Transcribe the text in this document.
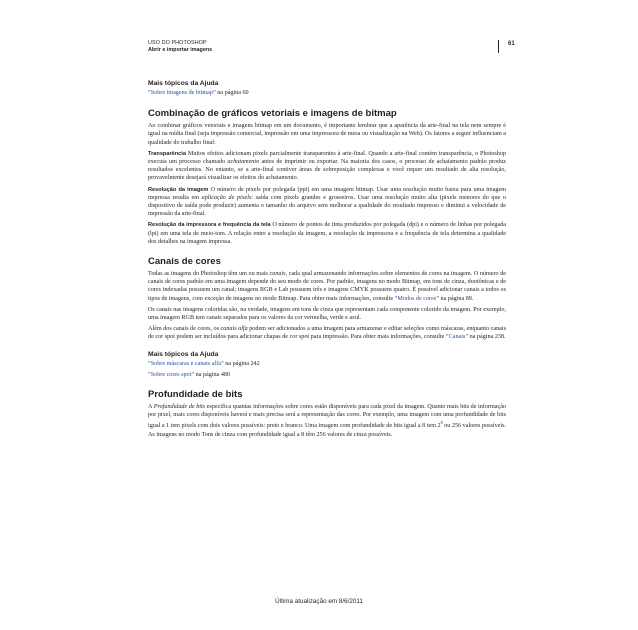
USO DO PHOTOSHOP
Abrir e importar imagens
61
Mais tópicos da Ajuda

“Sobre imagens de bitmap” na página 60

Combinação de gráficos vetoriais e imagens de bitmap

Ao combinar gráficos vetoriais e imagens bitmap em um documento, é importante lembrar que a aparência da arte-final na tela nem sempre é igual na mídia final (seja impressão comercial, impressão em uma impressora de mesa ou visualização na Web). Os fatores a seguir influenciam a qualidade do trabalho final:

Transparência Muitos efeitos adicionam pixels parcialmente transparentes à arte-final. Quando a arte-final contém transparência, o Photoshop executa um processo chamado achatamento antes de imprimir ou exportar. Na maioria dos casos, o processo de achatamento padrão produz resultados excelentes. No entanto, se a arte-final contiver áreas de sobreposição complexas e você requer um resultado de alta resolução, provavelmente desejará visualizar os efeitos do achatamento.

Resolução da imagem O número de pixels por polegada (ppi) em uma imagem bitmap. Usar uma resolução muito baixa para uma imagem impressa resulta em aplicação de pixels: saída com pixels grandes e grosseiros. Usar uma resolução muito alta (pixels menores do que o dispositivo de saída pode produzir) aumenta o tamanho do arquivo sem melhorar a qualidade do resultado impresso e diminui a velocidade de impressão da arte-final.

Resolução da impressora e frequência da tela O número de pontos de tinta produzidos por polegada (dpi) e o número de linhas por polegada (lpi) em uma tela de meio-tom. A relação entre a resolução da imagem, a resolução da impressora e a frequência de tela determina a qualidade dos detalhes na imagem impressa.

Canais de cores

Todas as imagens do Photoshop têm um ou mais canais, cada qual armazenando informações sobre elementos de cores na imagem. O número de canais de cores padrão em uma imagem depende do seu modo de cores. Por padrão, imagens no modo Bitmap, em tons de cinza, duotônicas e de cores indexadas possuem um canal; imagens RGB e Lab possuem três e imagens CMYK possuem quatro. É possível adicionar canais a todos os tipos de imagens, com exceção de imagens no modo Bitmap. Para obter mais informações, consulte “Modos de cores” na página 89.

Os canais nas imagens coloridas são, na verdade, imagens em tons de cinza que representam cada componente colorido da imagem. Por exemplo, uma imagem RGB tem canais separados para os valores da cor vermelha, verde e azul.

Além dos canais de cores, os canais alfa podem ser adicionados a uma imagem para armazenar e editar seleções como máscaras, enquanto canais de cor spot podem ser incluídos para adicionar chapas de cor spot para impressão. Para obter mais informações, consulte “Canais” na página 238.

Mais tópicos da Ajuda

“Sobre máscaras e canais alfa” na página 242

“Sobre cores spot” na página 480

Profundidade de bits

A Profundidade de bits especifica quantas informações sobre cores estão disponíveis para cada pixel da imagem. Quanto mais bits de informação por pixel, mais cores disponíveis haverá e mais precisa será a representação das cores. Por exemplo, uma imagem com uma profundidade de bits igual a 1 tem pixels com dois valores possíveis: preto e branco. Uma imagem com profundidade de bits igual a 8 tem $2^8$ ou 256 valores possíveis. As imagens no modo Tons de cinza com profundidade igual a 8 têm 256 valores de cinza possíveis.

Última atualização em 8/6/2011
